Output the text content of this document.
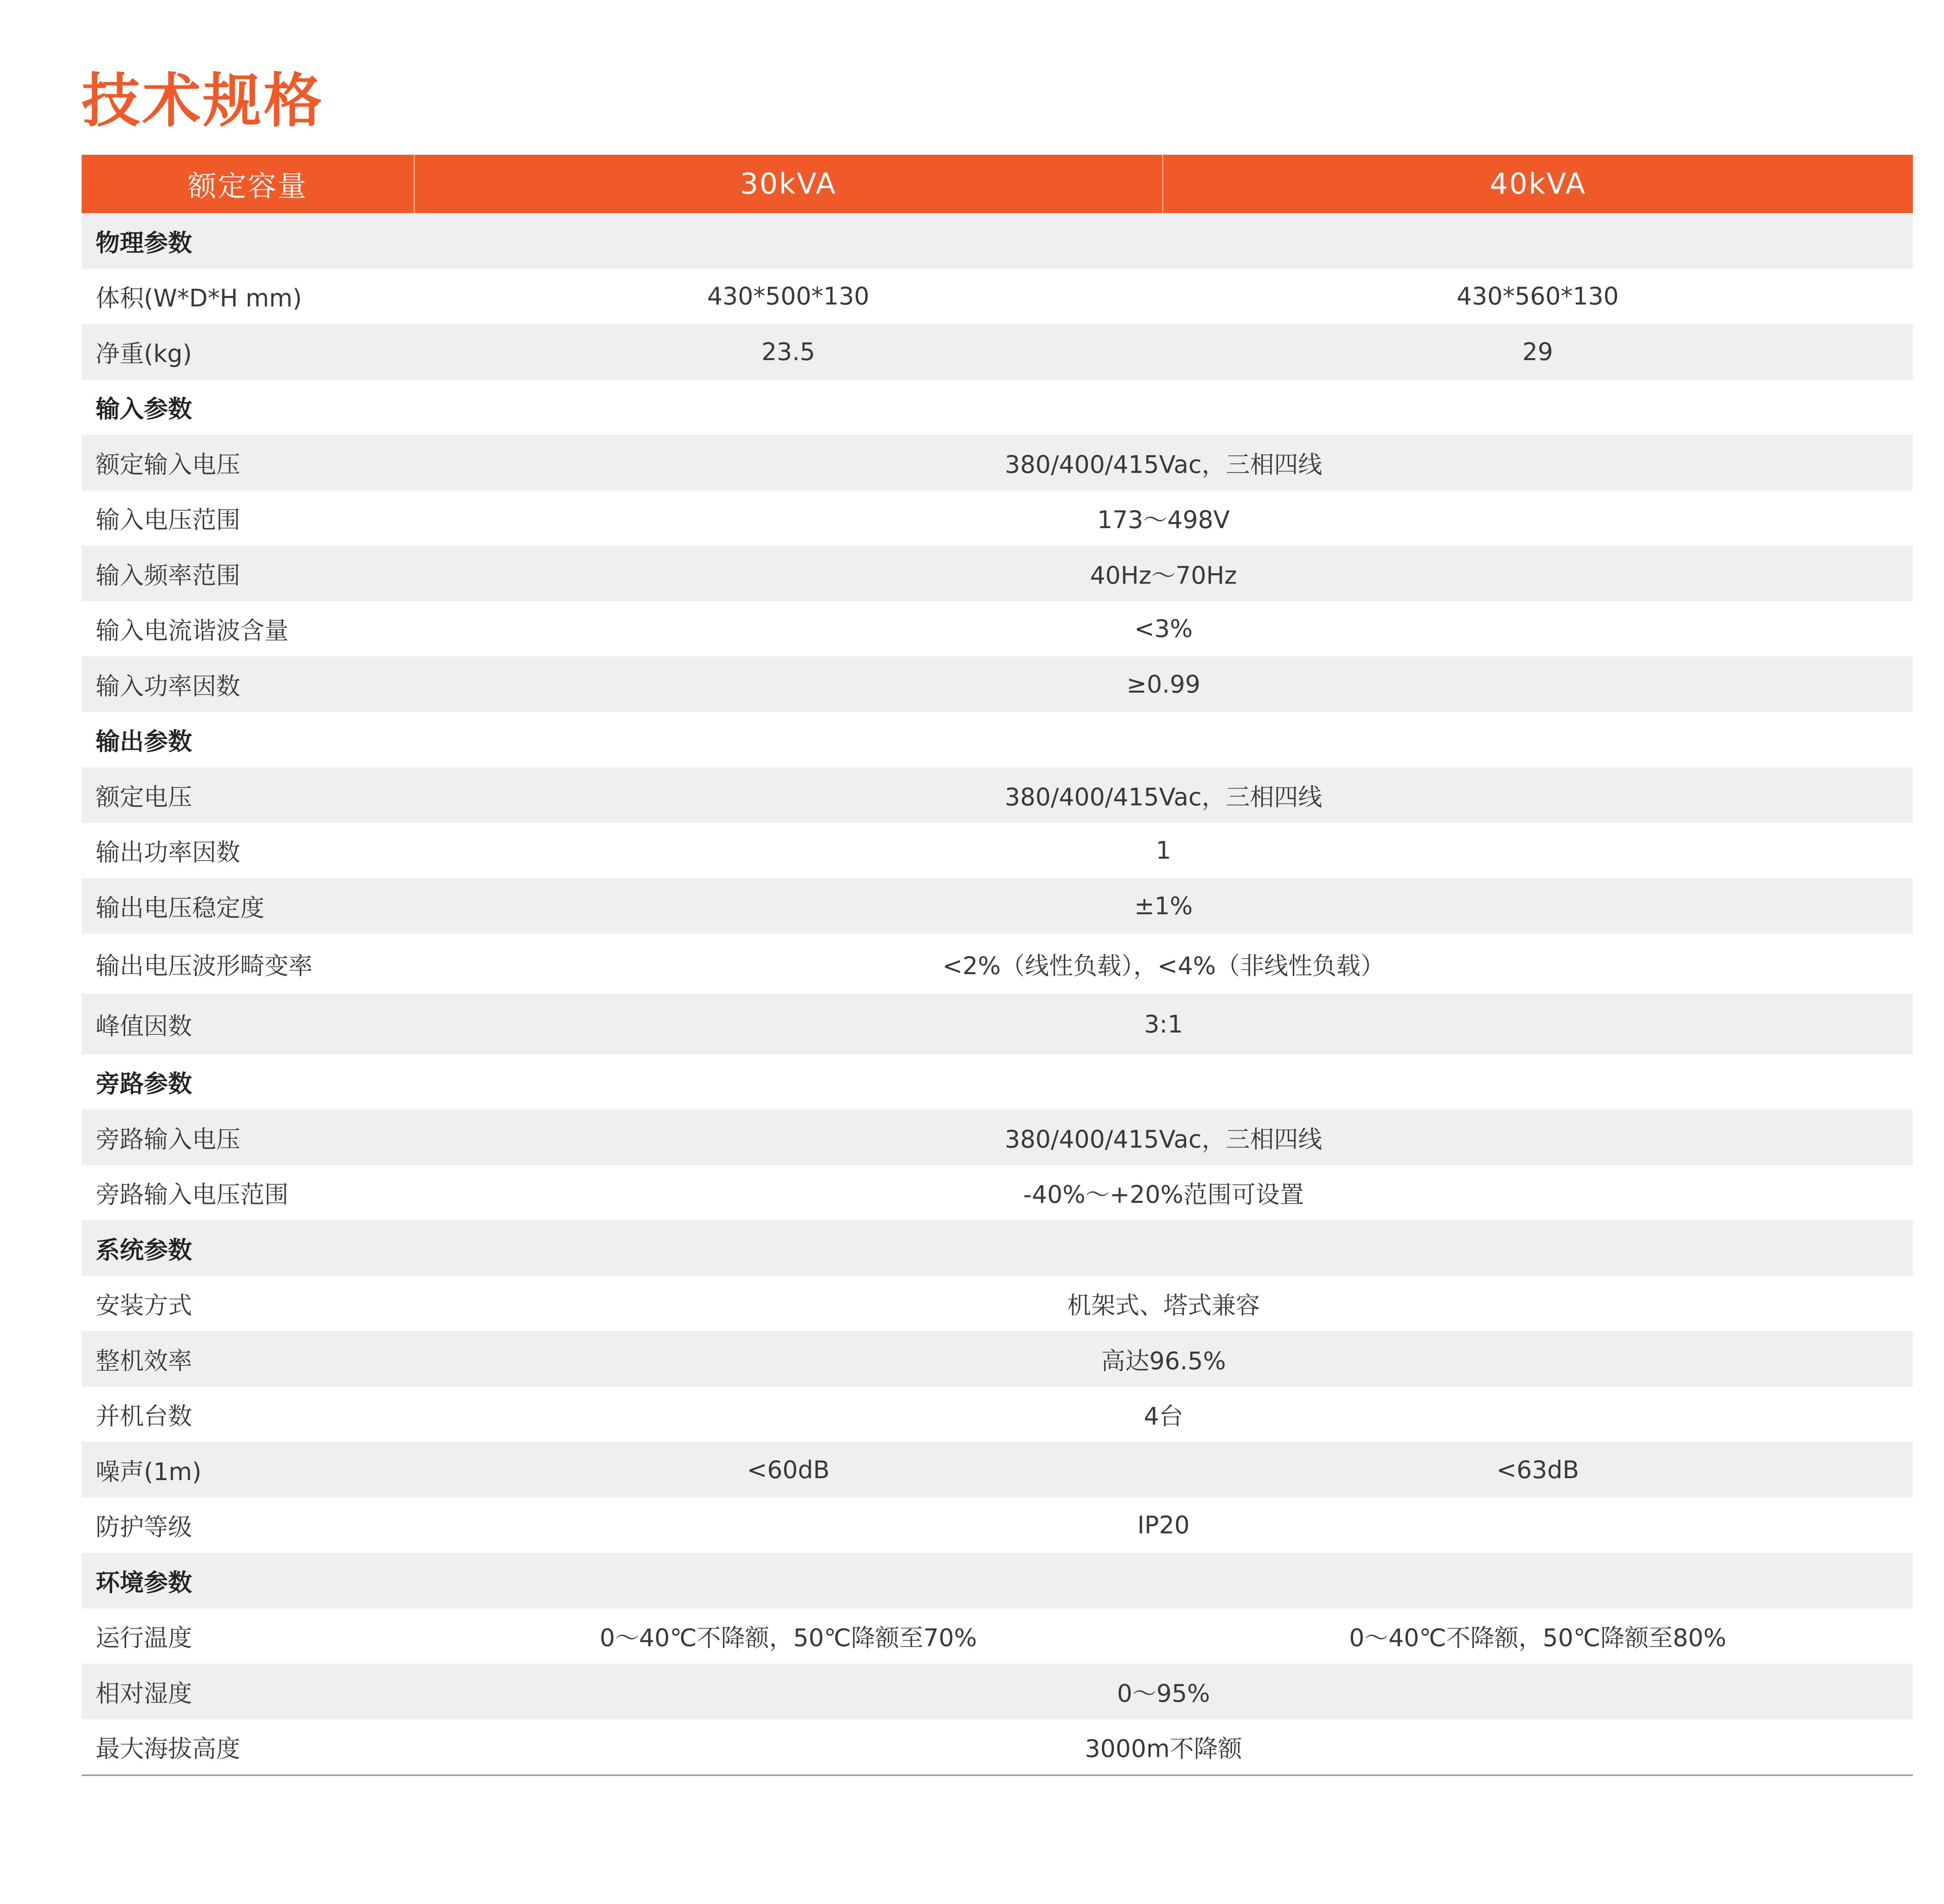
技术规格
额定容量	30kVA	40kVA
物理参数		
体积(W*D*H mm)	430*500*130	430*560*130
净重(kg)	23.5	29
输入参数		
额定输入电压	380/400/415Vac，三相四线	
输入电压范围	173～498V	
输入频率范围	40Hz～70Hz	
输入电流谐波含量	<3%	
输入功率因数	≥0.99	
输出参数		
额定电压	380/400/415Vac，三相四线	
输出功率因数	1	
输出电压稳定度	±1%	
输出电压波形畸变率	<2%（线性负载），<4%（非线性负载）	
峰值因数	3:1	
旁路参数		
旁路输入电压	380/400/415Vac，三相四线	
旁路输入电压范围	-40%～+20%范围可设置	
系统参数		
安装方式	机架式、塔式兼容	
整机效率	高达96.5%	
并机台数	4台	
噪声(1m)	<60dB	<63dB
防护等级	IP20	
环境参数		
运行温度	0～40℃不降额，50℃降额至70%	0～40℃不降额，50℃降额至80%
相对湿度	0～95%	
最大海拔高度	3000m不降额	
